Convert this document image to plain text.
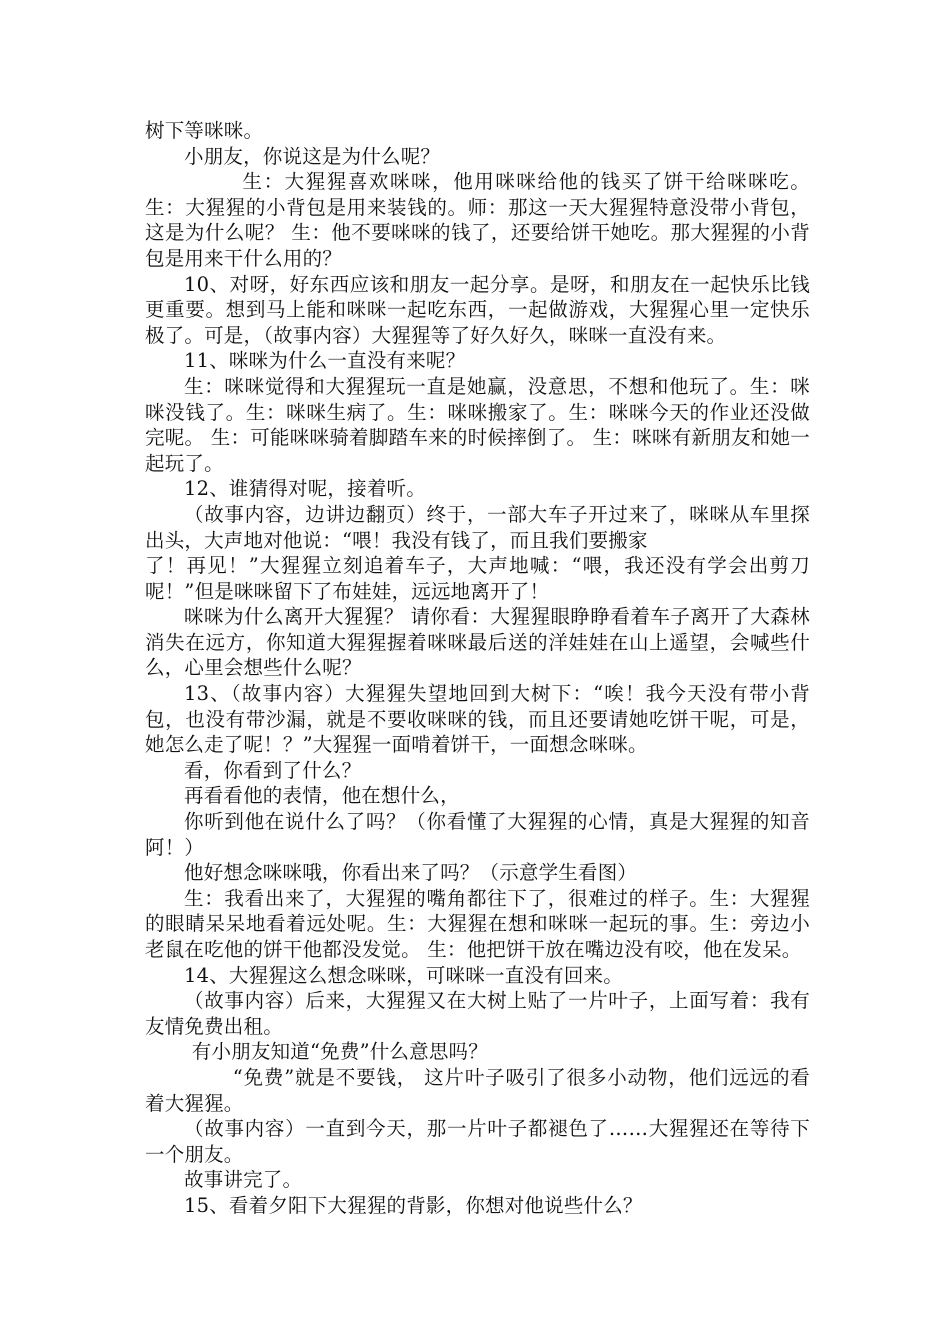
树下等咪咪。

小朋友，你说这是为什么呢？

生：大猩猩喜欢咪咪，他用咪咪给他的钱买了饼干给咪咪吃。生：大猩猩的小背包是用来装钱的。师：那这一天大猩猩特意没带小背包，这是为什么呢？ 生：他不要咪咪的钱了，还要给饼干她吃。那大猩猩的小背包是用来干什么用的？

10、对呀，好东西应该和朋友一起分享。是呀，和朋友在一起快乐比钱更重要。想到马上能和咪咪一起吃东西，一起做游戏，大猩猩心里一定快乐极了。可是，（故事内容）大猩猩等了好久好久，咪咪一直没有来。

11、咪咪为什么一直没有来呢？

生：咪咪觉得和大猩猩玩一直是她赢，没意思，不想和他玩了。生：咪咪没钱了。生：咪咪生病了。生：咪咪搬家了。生：咪咪今天的作业还没做完呢。 生：可能咪咪骑着脚踏车来的时候摔倒了。 生：咪咪有新朋友和她一起玩了。

12、谁猜得对呢，接着听。

（故事内容，边讲边翻页）终于，一部大车子开过来了，咪咪从车里探出头，大声地对他说：“喂！我没有钱了，而且我们要搬家

了！再见！”大猩猩立刻追着车子，大声地喊：“喂，我还没有学会出剪刀呢！”但是咪咪留下了布娃娃，远远地离开了！

咪咪为什么离开大猩猩？ 请你看：大猩猩眼睁睁看着车子离开了大森林消失在远方，你知道大猩猩握着咪咪最后送的洋娃娃在山上遥望，会喊些什么，心里会想些什么呢？

13、（故事内容）大猩猩失望地回到大树下：“唉！我今天没有带小背包，也没有带沙漏，就是不要收咪咪的钱，而且还要请她吃饼干呢，可是，她怎么走了呢！？”大猩猩一面啃着饼干，一面想念咪咪。

看，你看到了什么？

再看看他的表情，他在想什么，

你听到他在说什么了吗？（你看懂了大猩猩的心情，真是大猩猩的知音阿！）

他好想念咪咪哦，你看出来了吗？（示意学生看图）

生：我看出来了，大猩猩的嘴角都往下了，很难过的样子。生：大猩猩的眼睛呆呆地看着远处呢。生：大猩猩在想和咪咪一起玩的事。生：旁边小老鼠在吃他的饼干他都没发觉。 生：他把饼干放在嘴边没有咬，他在发呆。

14、大猩猩这么想念咪咪，可咪咪一直没有回来。

（故事内容）后来，大猩猩又在大树上贴了一片叶子，上面写着：我有友情免费出租。

有小朋友知道“免费”什么意思吗？

“免费”就是不要钱， 这片叶子吸引了很多小动物，他们远远的看着大猩猩。

（故事内容）一直到今天，那一片叶子都褪色了……大猩猩还在等待下一个朋友。

故事讲完了。

15、看着夕阳下大猩猩的背影，你想对他说些什么？
